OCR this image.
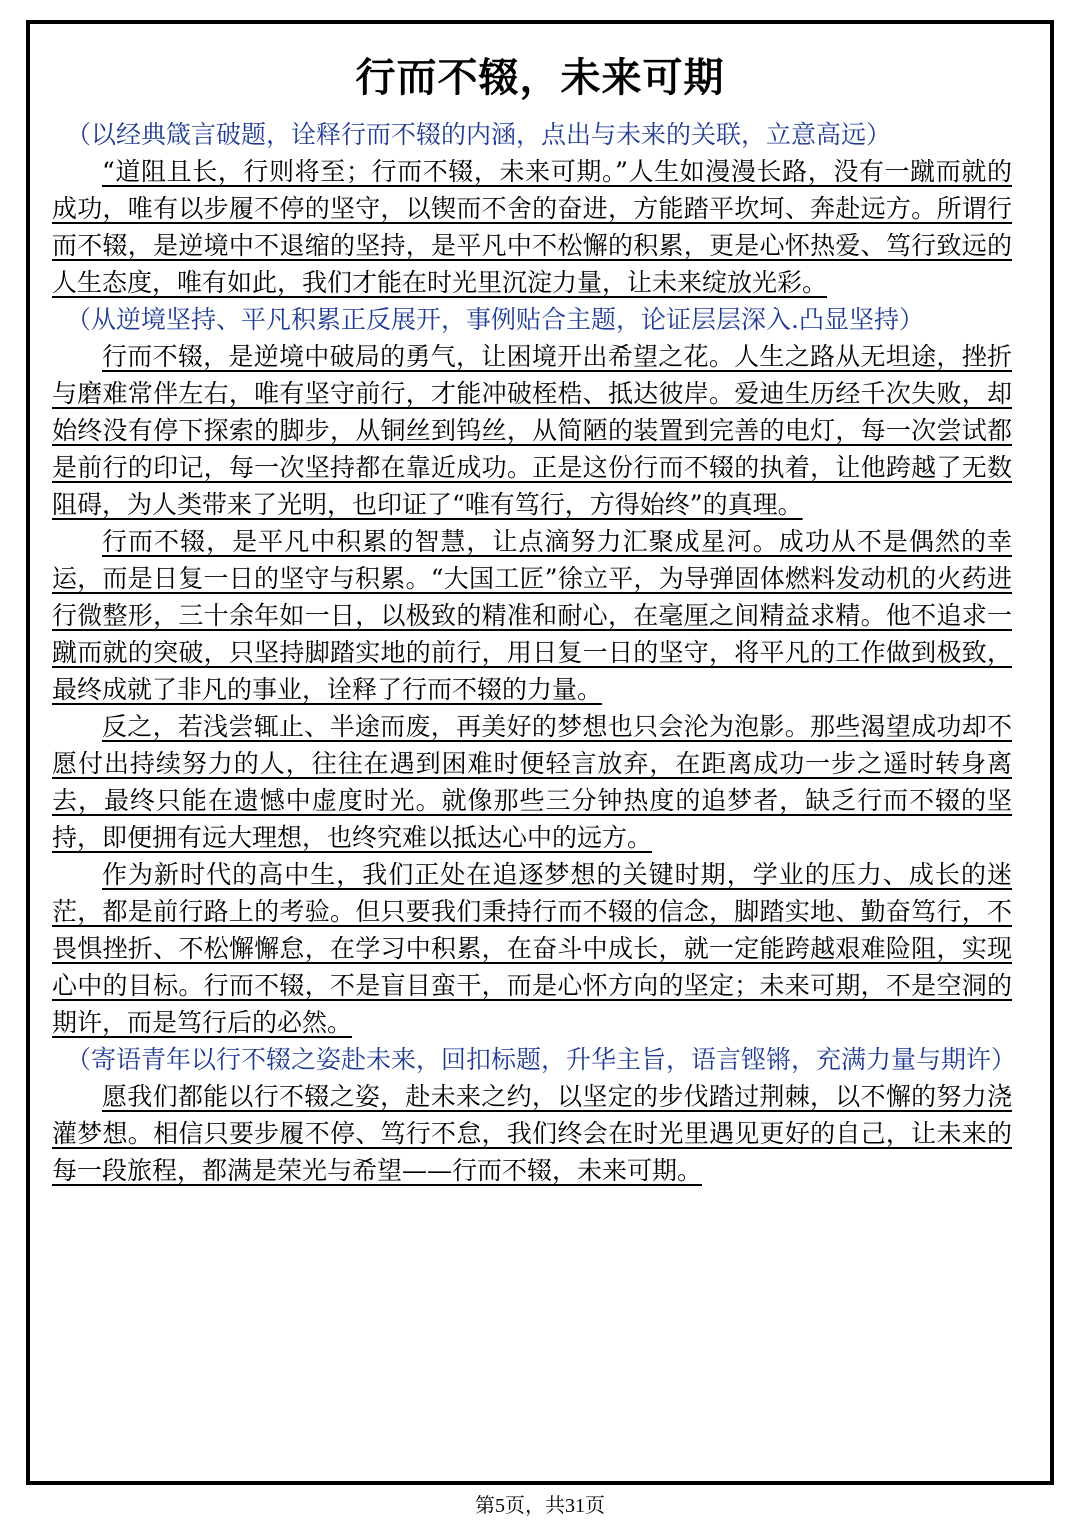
行而不辍，未来可期

（以经典箴言破题，诠释行而不辍的内涵，点出与未来的关联，立意高远）

“道阻且长，行则将至；行而不辍，未来可期。”人生如漫漫长路，没有一蹴而就的成功，唯有以步履不停的坚守，以锲而不舍的奋进，方能踏平坎坷、奔赴远方。所谓行而不辍，是逆境中不退缩的坚持，是平凡中不松懈的积累，更是心怀热爱、笃行致远的人生态度，唯有如此，我们才能在时光里沉淀力量，让未来绽放光彩。

（从逆境坚持、平凡积累正反展开，事例贴合主题，论证层层深入.凸显坚持）

行而不辍，是逆境中破局的勇气，让困境开出希望之花。人生之路从无坦途，挫折与磨难常伴左右，唯有坚守前行，才能冲破桎梏、抵达彼岸。爱迪生历经千次失败，却始终没有停下探索的脚步，从铜丝到钨丝，从简陋的装置到完善的电灯，每一次尝试都是前行的印记，每一次坚持都在靠近成功。正是这份行而不辍的执着，让他跨越了无数阻碍，为人类带来了光明，也印证了“唯有笃行，方得始终”的真理。

行而不辍，是平凡中积累的智慧，让点滴努力汇聚成星河。成功从不是偶然的幸运，而是日复一日的坚守与积累。“大国工匠”徐立平，为导弹固体燃料发动机的火药进行微整形，三十余年如一日，以极致的精准和耐心，在毫厘之间精益求精。他不追求一蹴而就的突破，只坚持脚踏实地的前行，用日复一日的坚守，将平凡的工作做到极致，最终成就了非凡的事业，诠释了行而不辍的力量。

反之，若浅尝辄止、半途而废，再美好的梦想也只会沦为泡影。那些渴望成功却不愿付出持续努力的人，往往在遇到困难时便轻言放弃，在距离成功一步之遥时转身离去，最终只能在遗憾中虚度时光。就像那些三分钟热度的追梦者，缺乏行而不辍的坚持，即便拥有远大理想，也终究难以抵达心中的远方。

作为新时代的高中生，我们正处在追逐梦想的关键时期，学业的压力、成长的迷茫，都是前行路上的考验。但只要我们秉持行而不辍的信念，脚踏实地、勤奋笃行，不畏惧挫折、不松懈懈怠，在学习中积累，在奋斗中成长，就一定能跨越艰难险阻，实现心中的目标。行而不辍，不是盲目蛮干，而是心怀方向的坚定；未来可期，不是空洞的期许，而是笃行后的必然。

（寄语青年以行不辍之姿赴未来，回扣标题，升华主旨，语言铿锵，充满力量与期许）

愿我们都能以行不辍之姿，赴未来之约，以坚定的步伐踏过荆棘，以不懈的努力浇灌梦想。相信只要步履不停、笃行不怠，我们终会在时光里遇见更好的自己，让未来的每一段旅程，都满是荣光与希望——行而不辍，未来可期。

第5页，共31页
